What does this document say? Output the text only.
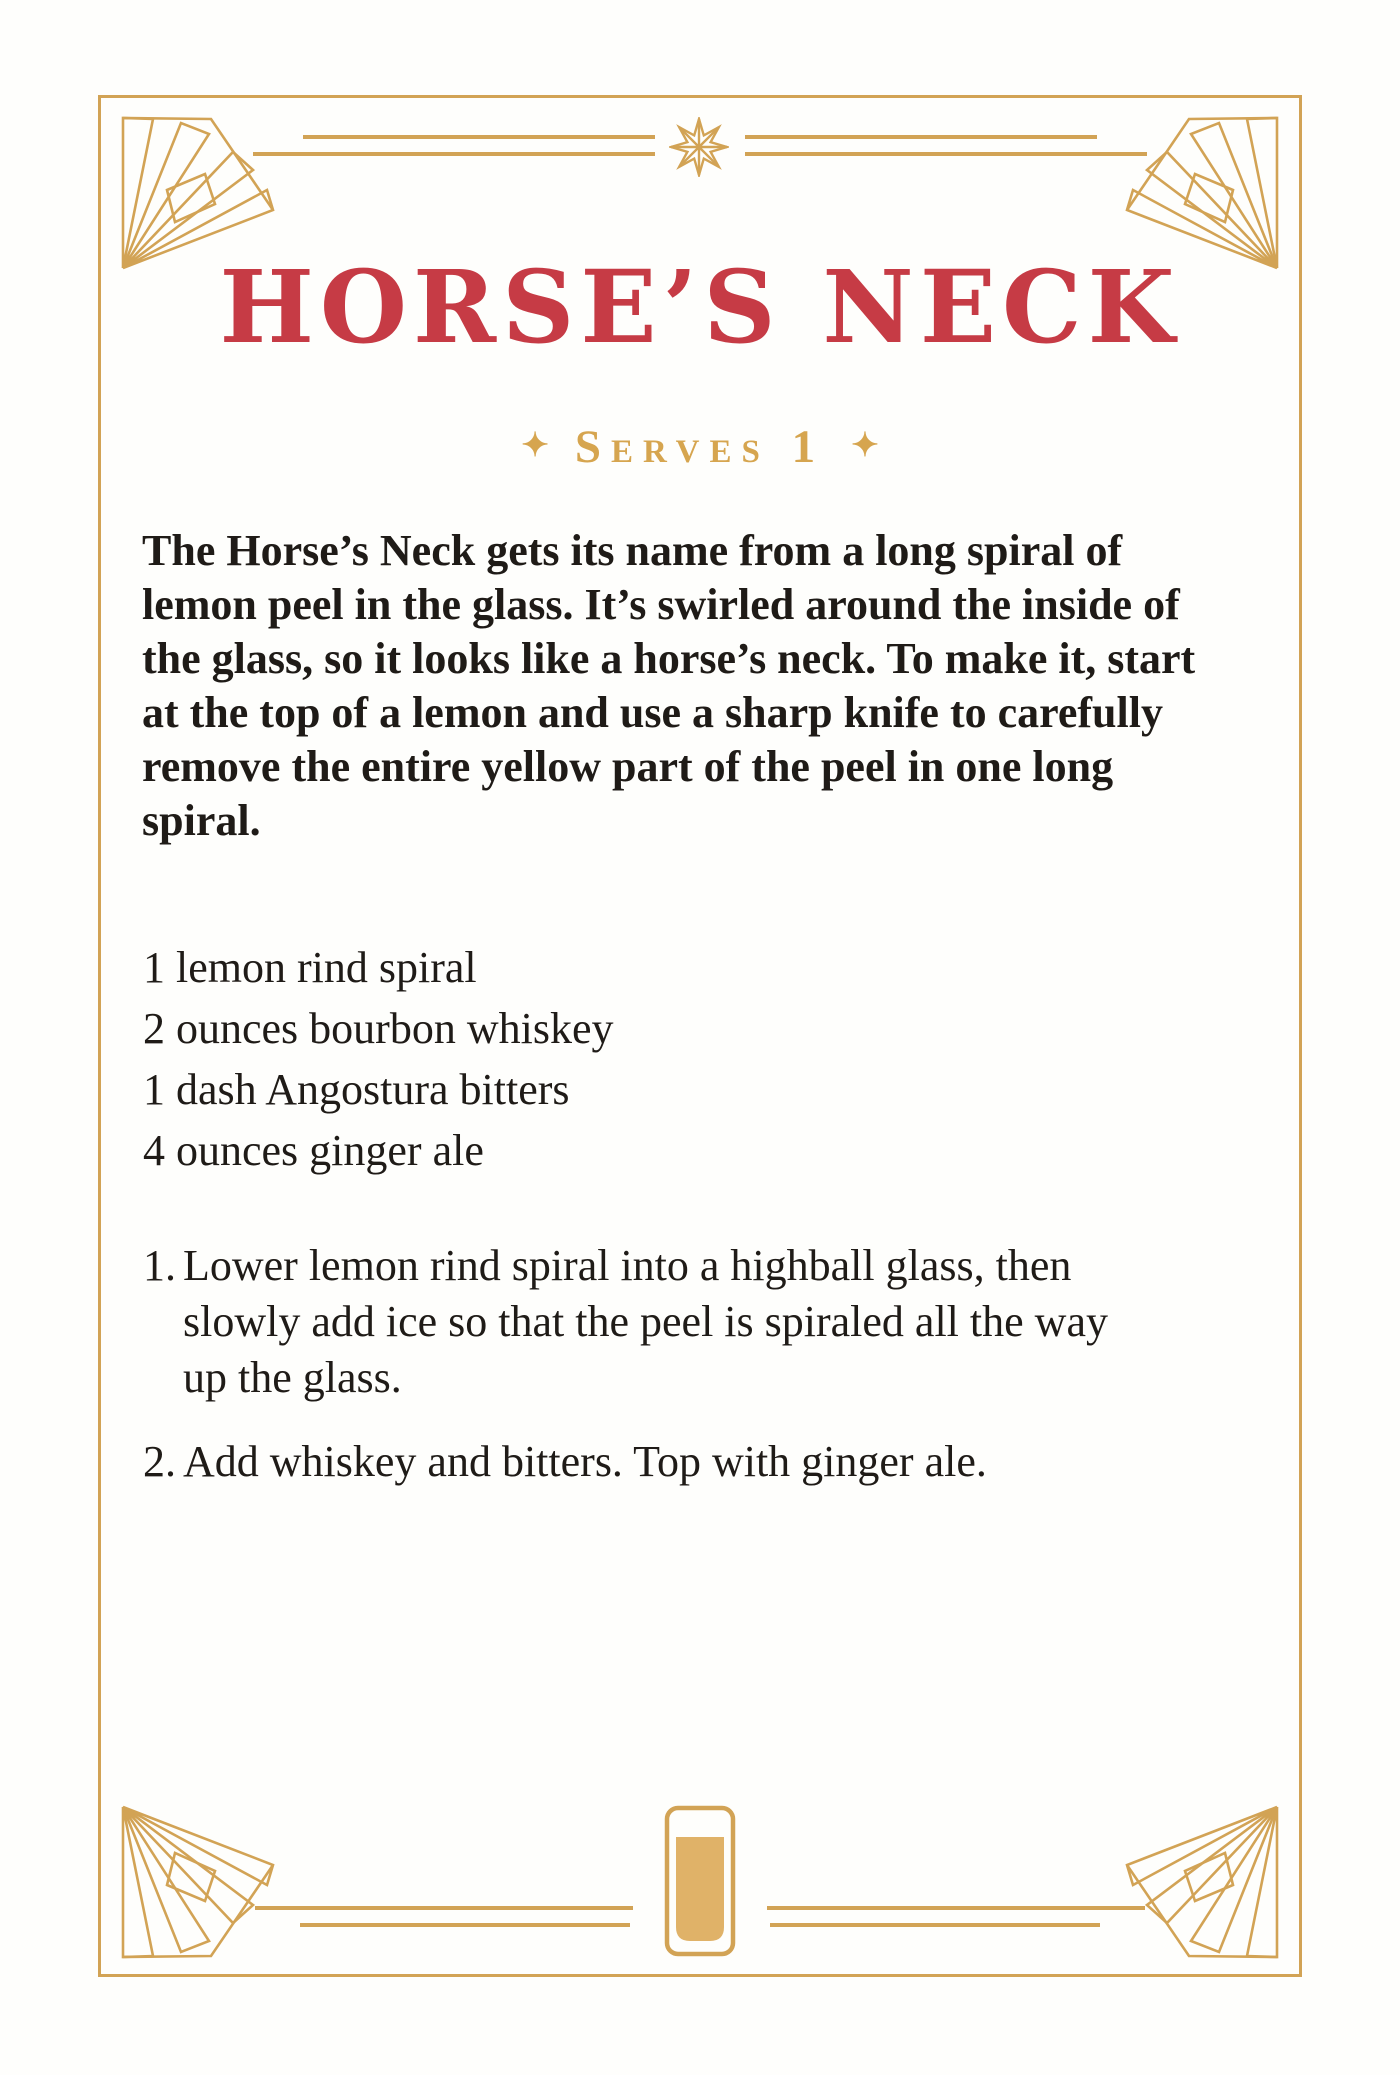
HORSE’S NECK
✦ Serves 1 ✦
The Horse’s Neck gets its name from a long spiral of
lemon peel in the glass. It’s swirled around the inside of
the glass, so it looks like a horse’s neck. To make it, start
at the top of a lemon and use a sharp knife to carefully
remove the entire yellow part of the peel in one long
spiral.
1 lemon rind spiral
2 ounces bourbon whiskey
1 dash Angostura bitters
4 ounces ginger ale
1. Lower lemon rind spiral into a highball glass, then
slowly add ice so that the peel is spiraled all the way
up the glass.
2. Add whiskey and bitters. Top with ginger ale.
